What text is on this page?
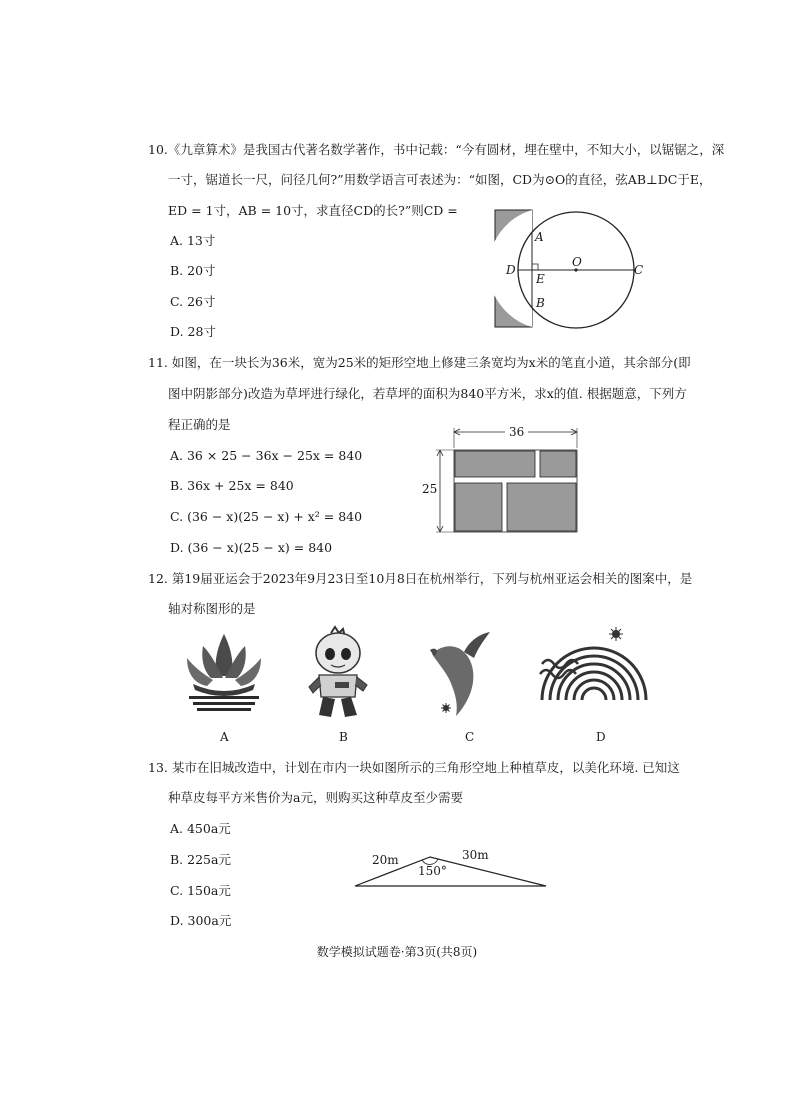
10.《九章算术》是我国古代著名数学著作，书中记载：“今有圆材，埋在壁中，不知大小，以锯锯之，深
一寸，锯道长一尺，问径几何?”用数学语言可表述为：“如图，CD为⊙O的直径，弦AB⊥DC于E，
ED = 1寸，AB = 10寸，求直径CD的长?”则CD =
A. 13寸
B. 20寸
C. 26寸
D. 28寸
D
A
E
B
O
C
11. 如图，在一块长为36米，宽为25米的矩形空地上修建三条宽均为x米的笔直小道，其余部分(即
图中阴影部分)改造为草坪进行绿化，若草坪的面积为840平方米，求x的值. 根据题意，下列方
程正确的是
A. 36 × 25 − 36x − 25x = 840
B. 36x + 25x = 840
C. (36 − x)(25 − x) + x² = 840
D. (36 − x)(25 − x) = 840
36
25
12. 第19届亚运会于2023年9月23日至10月8日在杭州举行，下列与杭州亚运会相关的图案中，是
轴对称图形的是
A	B	C	D
13. 某市在旧城改造中，计划在市内一块如图所示的三角形空地上种植草皮，以美化环境. 已知这
种草皮每平方米售价为a元，则购买这种草皮至少需要
A. 450a元
B. 225a元
C. 150a元
D. 300a元
20m	30m
150°
数学模拟试题卷·第3页(共8页)
